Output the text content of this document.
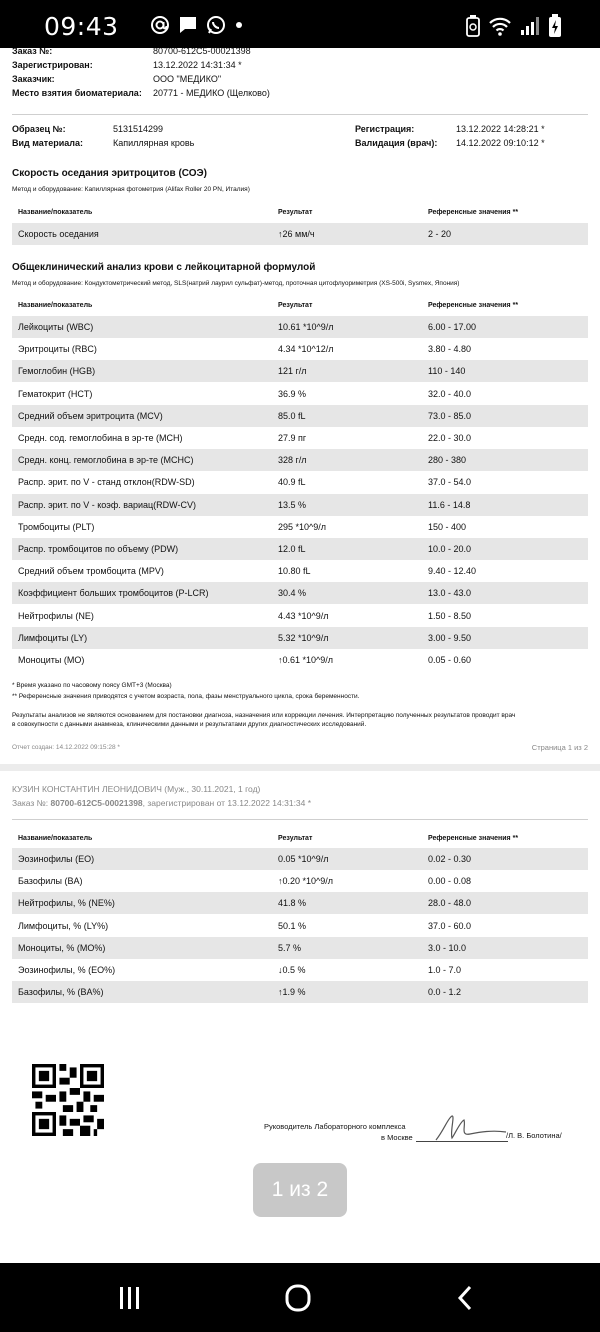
09:43
Заказ №:	80700-612C5-00021398
Зарегистрирован:	13.12.2022 14:31:34 *
Заказчик:	ООО "МЕДИКО"
Место взятия биоматериала: 20771 - МЕДИКО (Щелково)
Образец №:	5131514299
Вид материала:	Капиллярная кровь
Регистрация:	13.12.2022 14:28:21 *
Валидация (врач): 14.12.2022 09:10:12 *
Скорость оседания эритроцитов (СОЭ)
Метод и оборудование: Капиллярная фотометрия (Alifax Roller 20 PN, Италия)
Название/показатель	Результат	Референсные значения **
Скорость оседания	↑26 мм/ч	2 - 20
Общеклинический анализ крови с лейкоцитарной формулой
Метод и оборудование: Кондуктометрический метод, SLS(натрий лаурил сульфат)-метод, проточная цитофлуориметрия (XS-500i, Sysmex, Япония)
Название/показатель	Результат	Референсные значения **
Лейкоциты (WBC)	10.61 *10^9/л	6.00 - 17.00
Эритроциты (RBC)	4.34 *10^12/л	3.80 - 4.80
Гемоглобин (HGB)	121 г/л	110 - 140
Гематокрит (HCT)	36.9 %	32.0 - 40.0
Средний объем эритроцита (MCV)	85.0 fL	73.0 - 85.0
Средн. сод. гемоглобина в эр-те (MCH)	27.9 пг	22.0 - 30.0
Средн. конц. гемоглобина в эр-те (MCHC)	328 г/л	280 - 380
Распр. эрит. по V - станд отклон(RDW-SD)	40.9 fL	37.0 - 54.0
Распр. эрит. по V - коэф. вариац(RDW-CV)	13.5 %	11.6 - 14.8
Тромбоциты (PLT)	295 *10^9/л	150 - 400
Распр. тромбоцитов по объему (PDW)	12.0 fL	10.0 - 20.0
Средний объем тромбоцита (MPV)	10.80 fL	9.40 - 12.40
Коэффициент больших тромбоцитов (P-LCR)	30.4 %	13.0 - 43.0
Нейтрофилы (NE)	4.43 *10^9/л	1.50 - 8.50
Лимфоциты (LY)	5.32 *10^9/л	3.00 - 9.50
Моноциты (MO)	↑0.61 *10^9/л	0.05 - 0.60
* Время указано по часовому поясу GMT+3 (Москва)
** Референсные значения приводятся с учетом возраста, пола, фазы менструального цикла, срока беременности.
Результаты анализов не являются основанием для постановки диагноза, назначения или коррекции лечения. Интерпретацию полученных результатов проводит врач
в совокупности с данными анамнеза, клиническими данными и результатами других диагностических исследований.
Отчет создан: 14.12.2022 09:15:28 *	Страница 1 из 2
КУЗИН КОНСТАНТИН ЛЕОНИДОВИЧ (Муж., 30.11.2021, 1 год)
Заказ №: 80700-612C5-00021398, зарегистрирован от 13.12.2022 14:31:34 *
Название/показатель	Результат	Референсные значения **
Эозинофилы (EO)	0.05 *10^9/л	0.02 - 0.30
Базофилы (BA)	↑0.20 *10^9/л	0.00 - 0.08
Нейтрофилы, % (NE%)	41.8 %	28.0 - 48.0
Лимфоциты, % (LY%)	50.1 %	37.0 - 60.0
Моноциты, % (MO%)	5.7 %	3.0 - 10.0
Эозинофилы, % (EO%)	↓0.5 %	1.0 - 7.0
Базофилы, % (BA%)	↑1.9 %	0.0 - 1.2
Руководитель Лабораторного комплекса
в Москве	/Л. В. Болотина/
1 из 2
